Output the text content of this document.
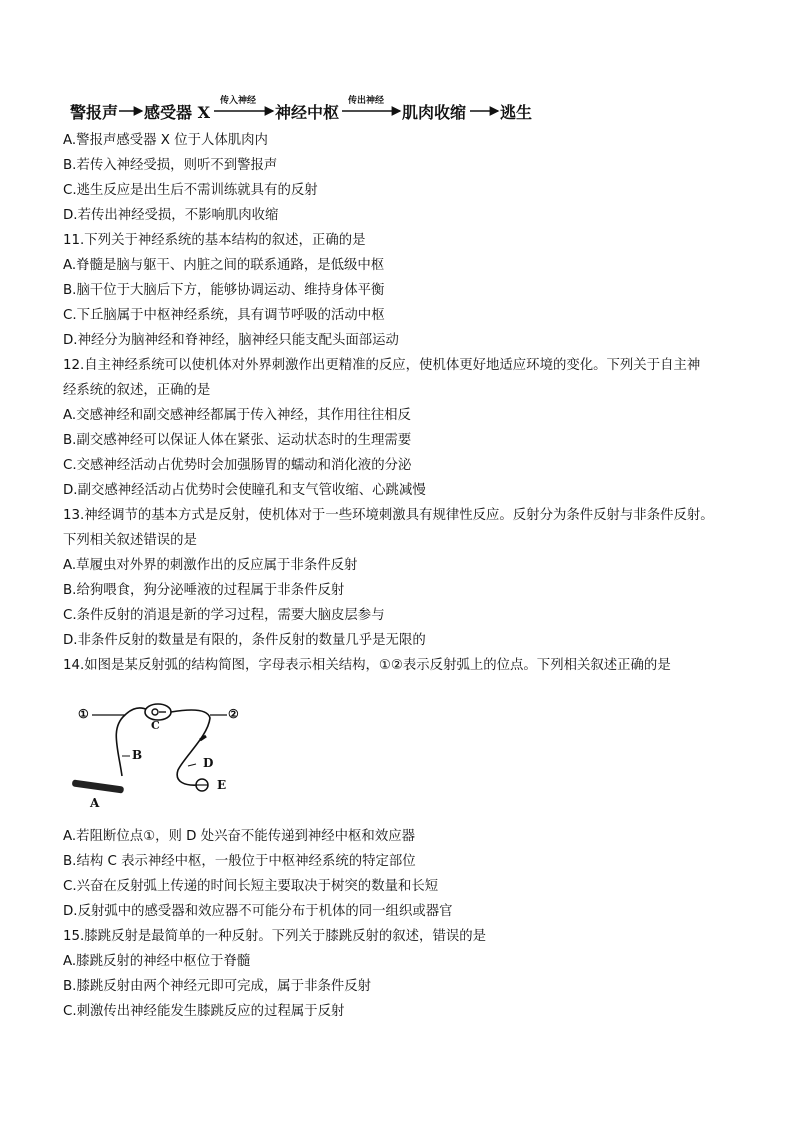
警报声 感受器 X
传入神经
神经中枢
传出神经
肌肉收缩 逃生
A.警报声感受器 X 位于人体肌肉内
B.若传入神经受损，则听不到警报声
C.逃生反应是出生后不需训练就具有的反射
D.若传出神经受损，不影响肌肉收缩
11.下列关于神经系统的基本结构的叙述，正确的是
A.脊髓是脑与躯干、内脏之间的联系通路，是低级中枢
B.脑干位于大脑后下方，能够协调运动、维持身体平衡
C.下丘脑属于中枢神经系统，具有调节呼吸的活动中枢
D.神经分为脑神经和脊神经，脑神经只能支配头面部运动
12.自主神经系统可以使机体对外界刺激作出更精准的反应，使机体更好地适应环境的变化。下列关于自主神
经系统的叙述，正确的是
A.交感神经和副交感神经都属于传入神经，其作用往往相反
B.副交感神经可以保证人体在紧张、运动状态时的生理需要
C.交感神经活动占优势时会加强肠胃的蠕动和消化液的分泌
D.副交感神经活动占优势时会使瞳孔和支气管收缩、心跳减慢
13.神经调节的基本方式是反射，使机体对于一些环境刺激具有规律性反应。反射分为条件反射与非条件反射。
下列相关叙述错误的是
A.草履虫对外界的刺激作出的反应属于非条件反射
B.给狗喂食，狗分泌唾液的过程属于非条件反射
C.条件反射的消退是新的学习过程，需要大脑皮层参与
D.非条件反射的数量是有限的，条件反射的数量几乎是无限的
14.如图是某反射弧的结构简图，字母表示相关结构，①②表示反射弧上的位点。下列相关叙述正确的是
①	②
C
B
D
E
A
A.若阻断位点①，则 D 处兴奋不能传递到神经中枢和效应器
B.结构 C 表示神经中枢，一般位于中枢神经系统的特定部位
C.兴奋在反射弧上传递的时间长短主要取决于树突的数量和长短
D.反射弧中的感受器和效应器不可能分布于机体的同一组织或器官
15.膝跳反射是最简单的一种反射。下列关于膝跳反射的叙述，错误的是
A.膝跳反射的神经中枢位于脊髓
B.膝跳反射由两个神经元即可完成，属于非条件反射
C.刺激传出神经能发生膝跳反应的过程属于反射
